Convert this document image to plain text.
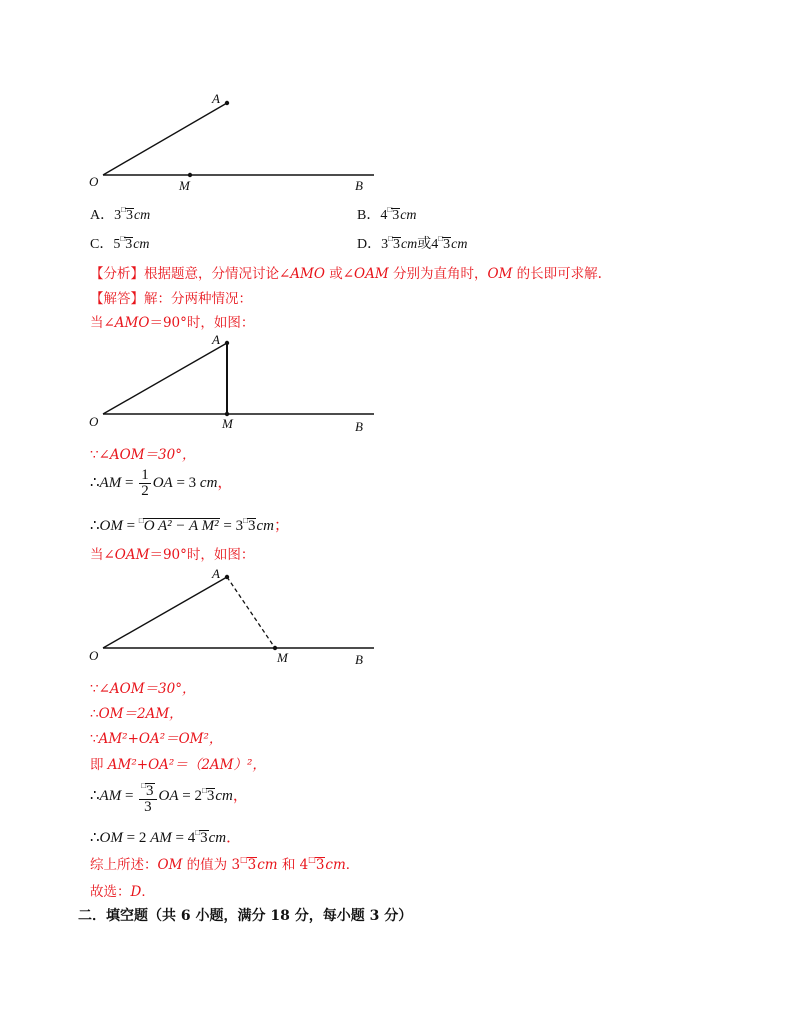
A
O	M	B
A．3□3cm	B．4□3cm
C．5□3cm	D．3□3cm或4□3cm
【分析】根据题意，分情况讨论∠AMO 或∠OAM 分别为直角时，OM 的长即可求解.
【解答】解：分两种情况：
当∠AMO＝90°时，如图：
A
O	M	B
∵∠AOM＝30°，
∴AM = $\frac{1}{2}$ OA = 3 cm，
∴OM = □O A² − A M² = 3□3cm；
当∠OAM＝90°时，如图：
A
O	M	B
∵∠AOM＝30°，
∴OM＝2AM，
∵AM²+OA²＝OM²，
即 AM²+OA²＝（2AM）²，
∴AM = $\frac{^□3}{3}$ OA = 2□3cm，
∴OM = 2 AM = 4□3cm．
综上所述：OM 的值为 3□3cm 和 4□3cm．
故选：D．
二．填空题（共 6 小题，满分 18 分，每小题 3 分）
